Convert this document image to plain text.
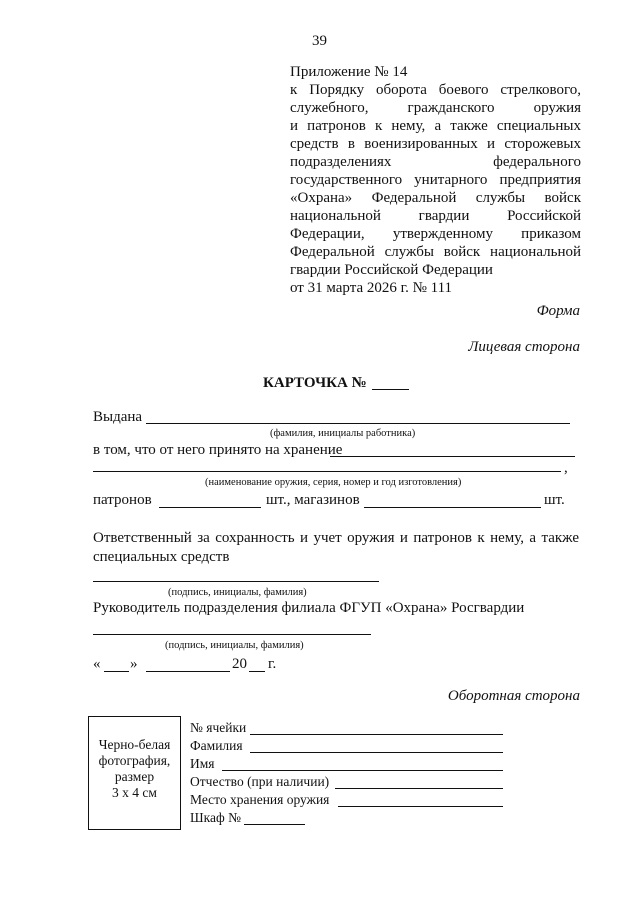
39
Приложение № 14
к Порядку оборота боевого стрелкового,
служебного, гражданского оружия
и патронов к нему, а также специальных
средств в военизированных и сторожевых
подразделениях федерального
государственного унитарного предприятия
«Охрана» Федеральной службы войск
национальной гвардии Российской
Федерации, утвержденному приказом
Федеральной службы войск национальной
гвардии Российской Федерации
от 31 марта 2026 г. № 111
Форма
Лицевая сторона
КАРТОЧКА №
Выдана
(фамилия, инициалы работника)
в том, что от него принято на хранение
,
(наименование оружия, серия, номер и год изготовления)
патронов	шт., магазинов	шт.
Ответственный за сохранность и учет оружия и патронов к нему, а также
специальных средств
(подпись, инициалы, фамилия)
Руководитель подразделения филиала ФГУП «Охрана» Росгвардии
(подпись, инициалы, фамилия)
« »	20 г.
Оборотная сторона
Черно-белая
фотография,
размер
3 х 4 см
№ ячейки
Фамилия
Имя
Отчество (при наличии)
Место хранения оружия
Шкаф №
